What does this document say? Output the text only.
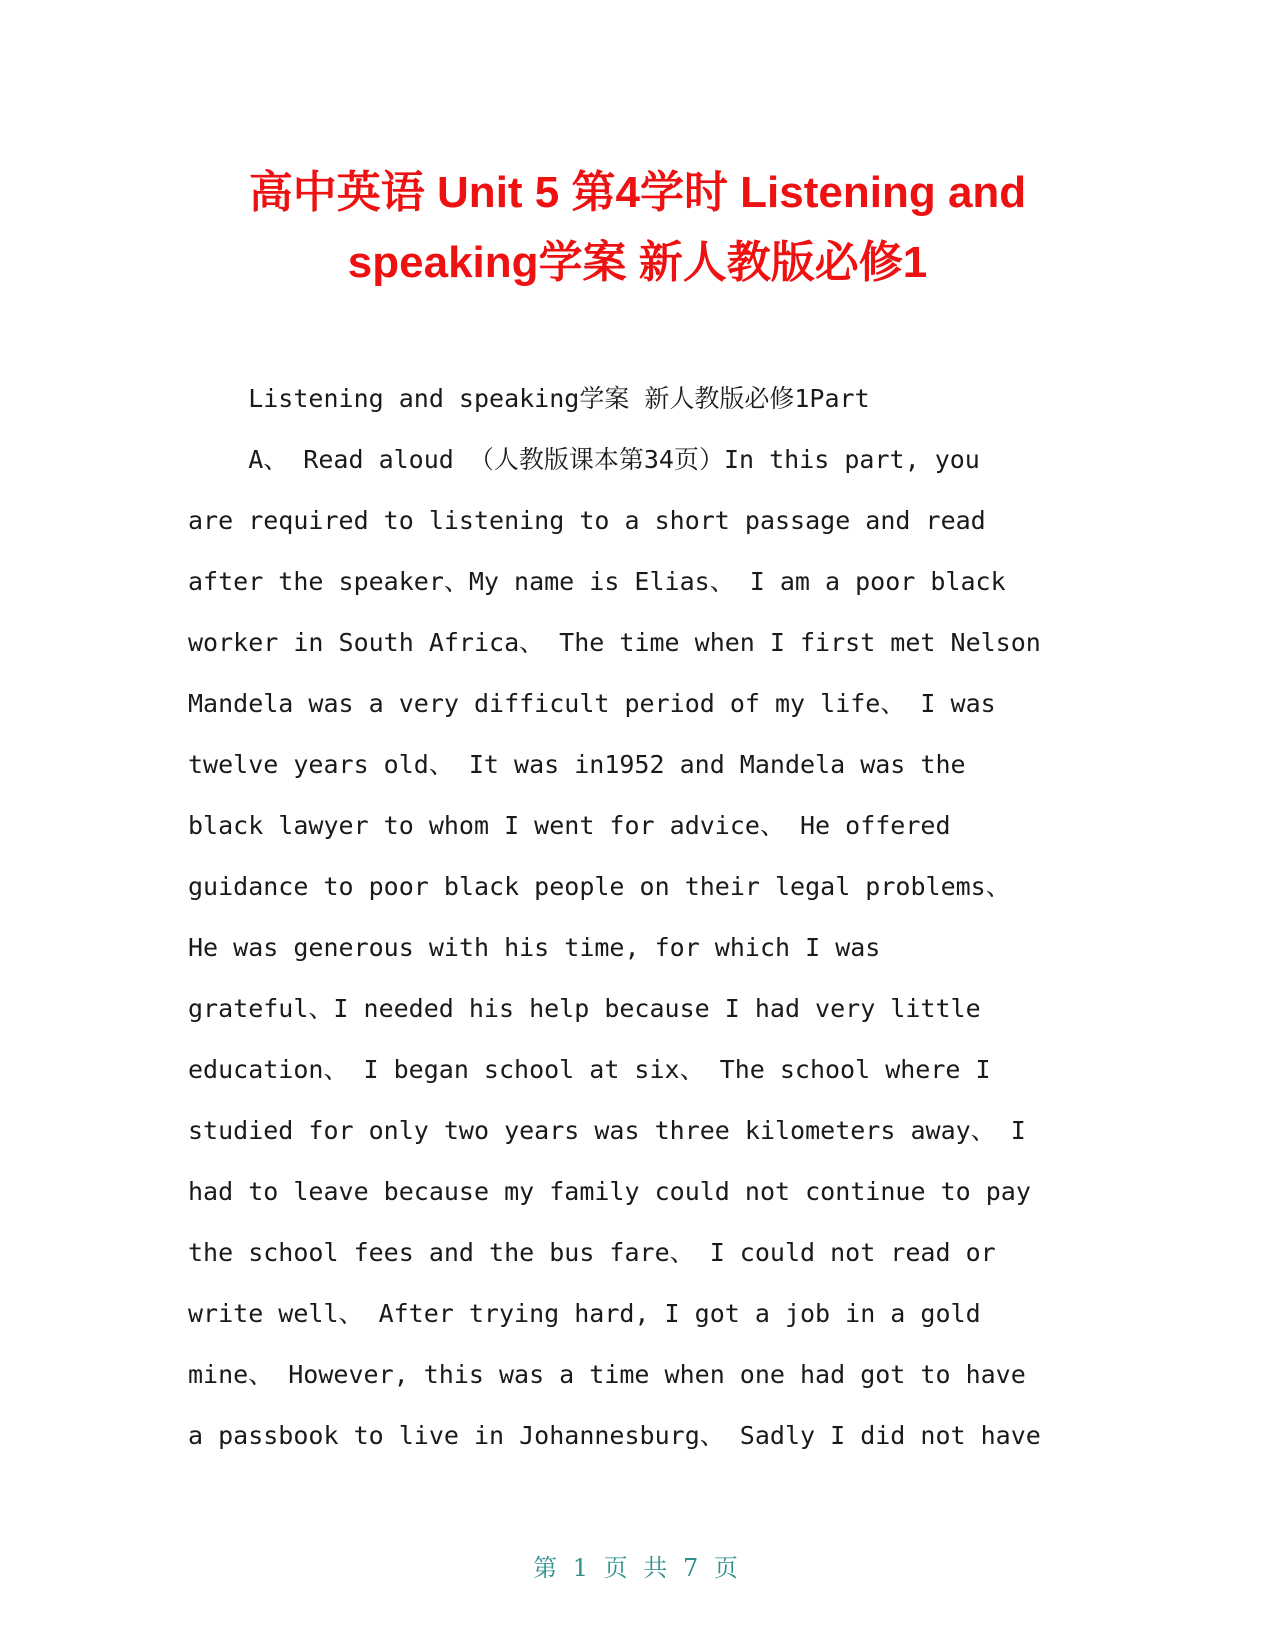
高中英语 Unit 5 第4学时 Listening and
speaking学案 新人教版必修1
Listening and speaking学案 新人教版必修1Part
A、 Read aloud （人教版课本第34页）In this part, you
are required to listening to a short passage and read
after the speaker、My name is Elias、 I am a poor black
worker in South Africa、 The time when I first met Nelson
Mandela was a very difficult period of my life、 I was
twelve years old、 It was in1952 and Mandela was the
black lawyer to whom I went for advice、 He offered
guidance to poor black people on their legal problems、
He was generous with his time, for which I was
grateful、I needed his help because I had very little
education、 I began school at six、 The school where I
studied for only two years was three kilometers away、 I
had to leave because my family could not continue to pay
the school fees and the bus fare、 I could not read or
write well、 After trying hard, I got a job in a gold
mine、 However, this was a time when one had got to have
a passbook to live in Johannesburg、 Sadly I did not have
第 1 页 共 7 页
